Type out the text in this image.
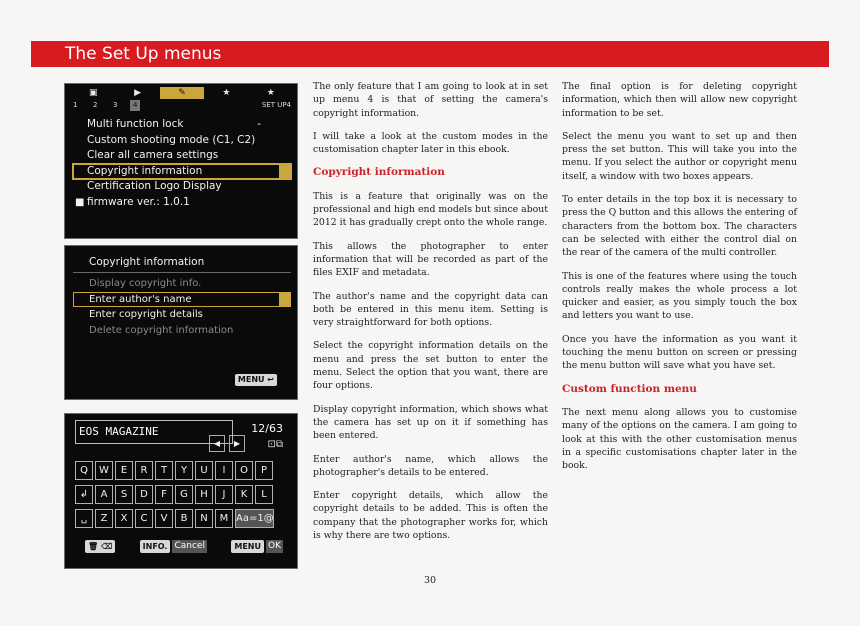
The Set Up menus
▣	▶	✎	★	★
1 2 3	4	SET UP4
Multi function lock	-
Custom shooting mode (C1, C2)
Clear all camera settings
Copyright information
Certification Logo Display
■ firmware ver.: 1.0.1
Copyright information
Display copyright info.
Enter author's name
Enter copyright details
Delete copyright information
MENU ↩
EOS MAGAZINE	12/63
◀	▶	⊡⧉
Q	W	E	R	T	Y	U	I	O	P
↲	A	S	D	F	G	H	J	K	L
␣	Z	X	C	V	B	N	M Aa=1@
🗑 ⌫	INFO. Cancel	MENU OK

The only feature that I am going to look at in set up menu 4 is that of setting the camera's copyright information.

I will take a look at the custom modes in the customisation chapter later in this ebook.

Copyright information

This is a feature that originally was on the professional and high end models but since about 2012 it has gradually crept onto the whole range.

This allows the photographer to enter information that will be recorded as part of the files EXIF and metadata.

The author's name and the copyright data can both be entered in this menu item. Setting is very straightforward for both options.

Select the copyright information details on the menu and press the set button to enter the menu. Select the option that you want, there are four options.

Display copyright information, which shows what the camera has set up on it if something has been entered.

Enter author's name, which allows the photographer's details to be entered.

Enter copyright details, which allow the copyright details to be added. This is often the company that the photographer works for, which is why there are two options.

The final option is for deleting copyright information, which then will allow new copyright information to be set.

Select the menu you want to set up and then press the set button. This will take you into the menu. If you select the author or copyright menu itself, a window with two boxes appears.

To enter details in the top box it is necessary to press the Q button and this allows the entering of characters from the bottom box. The characters can be selected with either the control dial on the rear of the camera of the multi controller.

This is one of the features where using the touch controls really makes the whole process a lot quicker and easier, as you simply touch the box and letters you want to use.

Once you have the information as you want it touching the menu button on screen or pressing the menu button will save what you have set.

Custom function menu

The next menu along allows you to customise many of the options on the camera. I am going to look at this with the other customisation menus in a specific customisations chapter later in the book.

30
